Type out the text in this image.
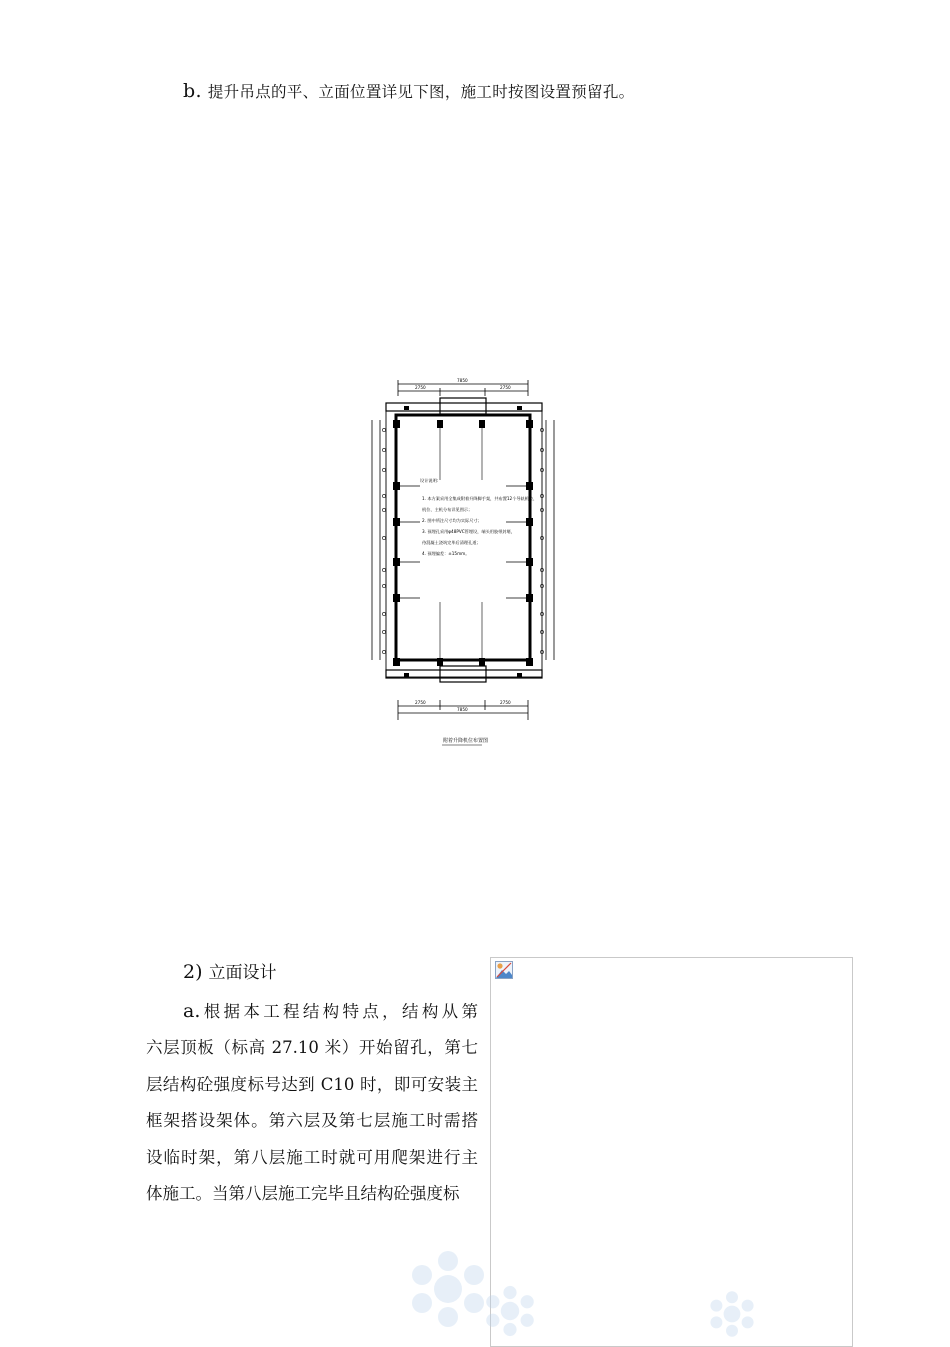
b. 提升吊点的平、立面位置详见下图，施工时按图设置预留孔。
设计说明:
1. 本方案采用全集成附着升降脚手架，共布置12个导轨机位，
机位、主机分布详见图示；
2. 图中所注尺寸均为实际尺寸；
3. 预埋孔采用φ48PVC管埋设，端头用胶带封堵，
待混凝土浇筑完毕后清理孔道；
4. 预埋偏差：±15mm。
7850
2750	2750
7850
2750	2750
附着升降机位布置图
2) 立面设计
a.根据本工程结构特点，结构从第
六层顶板（标高 27.10 米）开始留孔，第七
层结构砼强度标号达到 C10 时，即可安装主
框架搭设架体。第六层及第七层施工时需搭
设临时架，第八层施工时就可用爬架进行主
体施工。当第八层施工完毕且结构砼强度标
